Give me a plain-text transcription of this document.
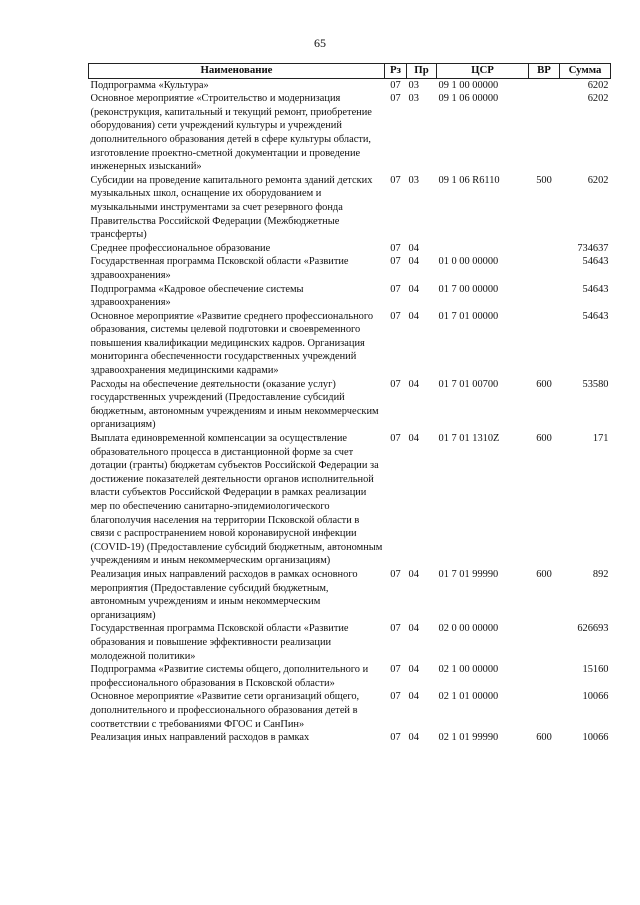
65
Наименование	Рз	Пр	ЦСР	ВР	Сумма
Подпрограмма «Культура»	07	03	09 1 00 00000		6202
Основное мероприятие «Строительство и модернизация (реконструкция, капитальный и текущий ремонт, приобретение оборудования) сети учреждений культуры и учреждений дополнительного образования детей в сфере культуры области, изготовление проектно-сметной документации и проведение инженерных изысканий»	07	03	09 1 06 00000		6202
Субсидии на проведение капитального ремонта зданий детских музыкальных школ, оснащение их оборудованием и музыкальными инструментами за счет резервного фонда Правительства Российской Федерации (Межбюджетные трансферты)	07	03	09 1 06 R6110	500	6202
Среднее профессиональное образование	07	04			734637
Государственная программа Псковской области «Развитие здравоохранения»	07	04	01 0 00 00000		54643
Подпрограмма «Кадровое обеспечение системы здравоохранения»	07	04	01 7 00 00000		54643
Основное мероприятие «Развитие среднего профессионального образования, системы целевой подготовки и своевременного повышения квалификации медицинских кадров. Организация мониторинга обеспеченности государственных учреждений здравоохранения медицинскими кадрами»	07	04	01 7 01 00000		54643
Расходы на обеспечение деятельности (оказание услуг) государственных учреждений (Предоставление субсидий бюджетным, автономным учреждениям и иным некоммерческим организациям)	07	04	01 7 01 00700	600	53580
Выплата единовременной компенсации за осуществление образовательного процесса в дистанционной форме за счет дотации (гранты) бюджетам субъектов Российской Федерации за достижение показателей деятельности органов исполнительной власти субъектов Российской Федерации в рамках реализации мер по обеспечению санитарно-эпидемиологического благополучия населения на территории Псковской области в связи с распространением новой коронавирусной инфекции (COVID-19) (Предоставление субсидий бюджетным, автономным учреждениям и иным некоммерческим организациям)	07	04	01 7 01 1310Z	600	171
Реализация иных направлений расходов в рамках основного мероприятия (Предоставление субсидий бюджетным, автономным учреждениям и иным некоммерческим организациям)	07	04	01 7 01 99990	600	892
Государственная программа Псковской области «Развитие образования и повышение эффективности реализации молодежной политики»	07	04	02 0 00 00000		626693
Подпрограмма «Развитие системы общего, дополнительного и профессионального образования в Псковской области»	07	04	02 1 00 00000		15160
Основное мероприятие «Развитие сети организаций общего, дополнительного и профессионального образования детей в соответствии с требованиями ФГОС и СанПин»	07	04	02 1 01 00000		10066
Реализация иных направлений расходов в рамках	07	04	02 1 01 99990	600	10066
